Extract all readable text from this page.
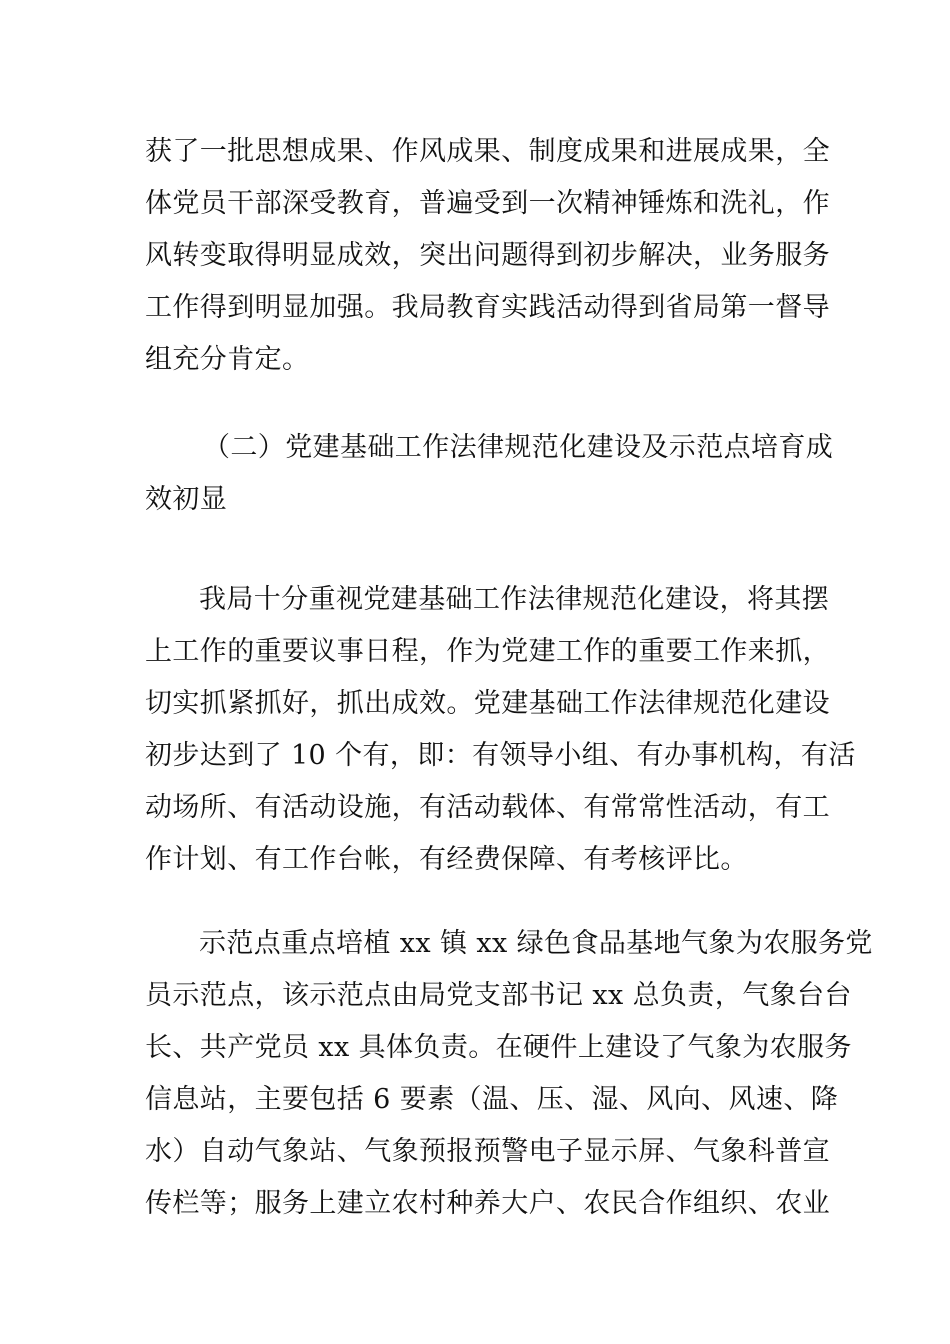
获了一批思想成果、作风成果、制度成果和进展成果，全
体党员干部深受教育，普遍受到一次精神锤炼和洗礼，作
风转变取得明显成效，突出问题得到初步解决，业务服务
工作得到明显加强。我局教育实践活动得到省局第一督导
组充分肯定。
（二）党建基础工作法律规范化建设及示范点培育成
效初显
我局十分重视党建基础工作法律规范化建设，将其摆
上工作的重要议事日程，作为党建工作的重要工作来抓，
切实抓紧抓好，抓出成效。党建基础工作法律规范化建设
初步达到了 10 个有，即：有领导小组、有办事机构，有活
动场所、有活动设施，有活动载体、有常常性活动，有工
作计划、有工作台帐，有经费保障、有考核评比。
示范点重点培植 xx 镇 xx 绿色食品基地气象为农服务党
员示范点，该示范点由局党支部书记 xx 总负责，气象台台
长、共产党员 xx 具体负责。在硬件上建设了气象为农服务
信息站，主要包括 6 要素（温、压、湿、风向、风速、降
水）自动气象站、气象预报预警电子显示屏、气象科普宣
传栏等；服务上建立农村种养大户、农民合作组织、农业
